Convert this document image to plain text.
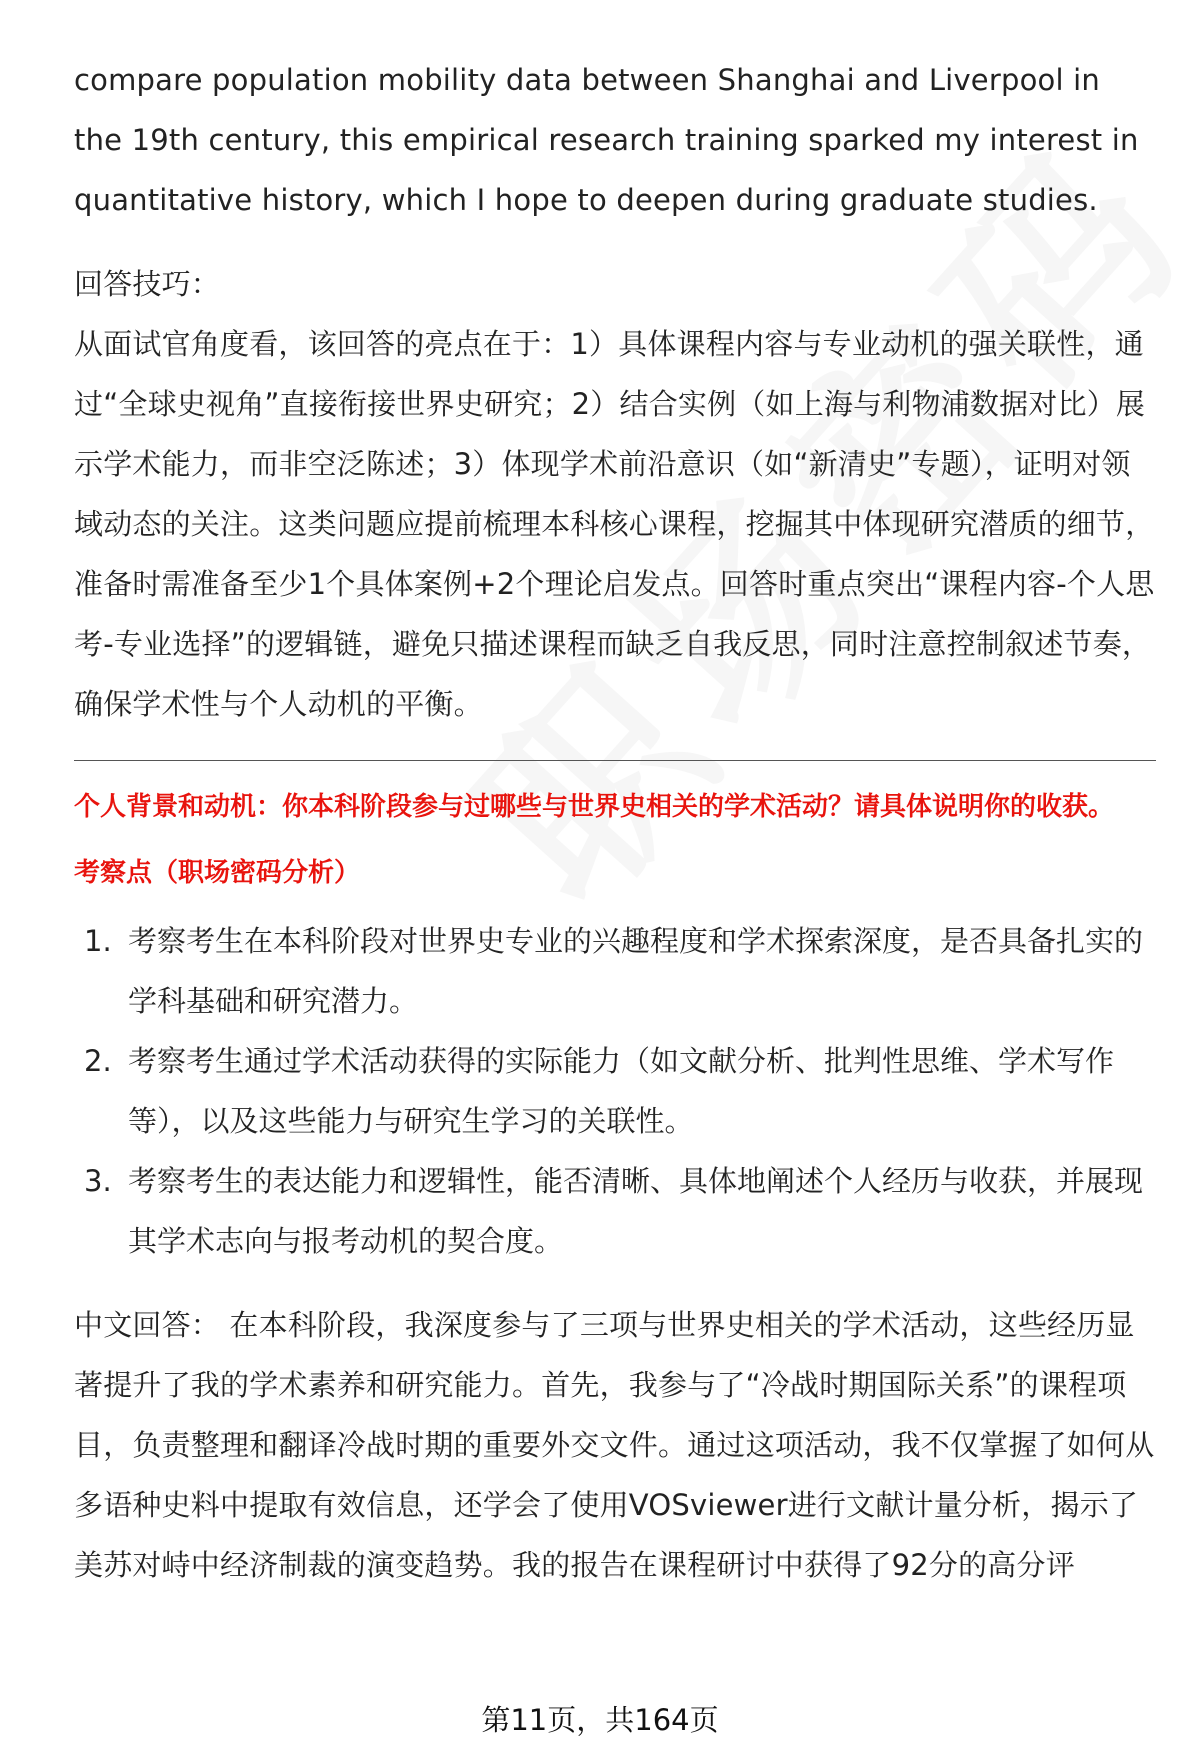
compare population mobility data between Shanghai and Liverpool in the 19th century, this empirical research training sparked my interest in quantitative history, which I hope to deepen during graduate studies.

回答技巧：

从面试官角度看，该回答的亮点在于：1）具体课程内容与专业动机的强关联性，通过“全球史视角”直接衔接世界史研究；2）结合实例（如上海与利物浦数据对比）展示学术能力，而非空泛陈述；3）体现学术前沿意识（如“新清史”专题），证明对领域动态的关注。这类问题应提前梳理本科核心课程，挖掘其中体现研究潜质的细节，准备时需准备至少1个具体案例+2个理论启发点。回答时重点突出“课程内容-个人思考-专业选择”的逻辑链，避免只描述课程而缺乏自我反思，同时注意控制叙述节奏，确保学术性与个人动机的平衡。

个人背景和动机：你本科阶段参与过哪些与世界史相关的学术活动？请具体说明你的收获。

考察点（职场密码分析）

1. 考察考生在本科阶段对世界史专业的兴趣程度和学术探索深度，是否具备扎实的学科基础和研究潜力。
2. 考察考生通过学术活动获得的实际能力（如文献分析、批判性思维、学术写作等），以及这些能力与研究生学习的关联性。
3. 考察考生的表达能力和逻辑性，能否清晰、具体地阐述个人经历与收获，并展现其学术志向与报考动机的契合度。

中文回答： 在本科阶段，我深度参与了三项与世界史相关的学术活动，这些经历显著提升了我的学术素养和研究能力。首先，我参与了“冷战时期国际关系”的课程项目，负责整理和翻译冷战时期的重要外交文件。通过这项活动，我不仅掌握了如何从多语种史料中提取有效信息，还学会了使用VOSviewer进行文献计量分析，揭示了美苏对峙中经济制裁的演变趋势。我的报告在课程研讨中获得了92分的高分评

第11页，共164页
